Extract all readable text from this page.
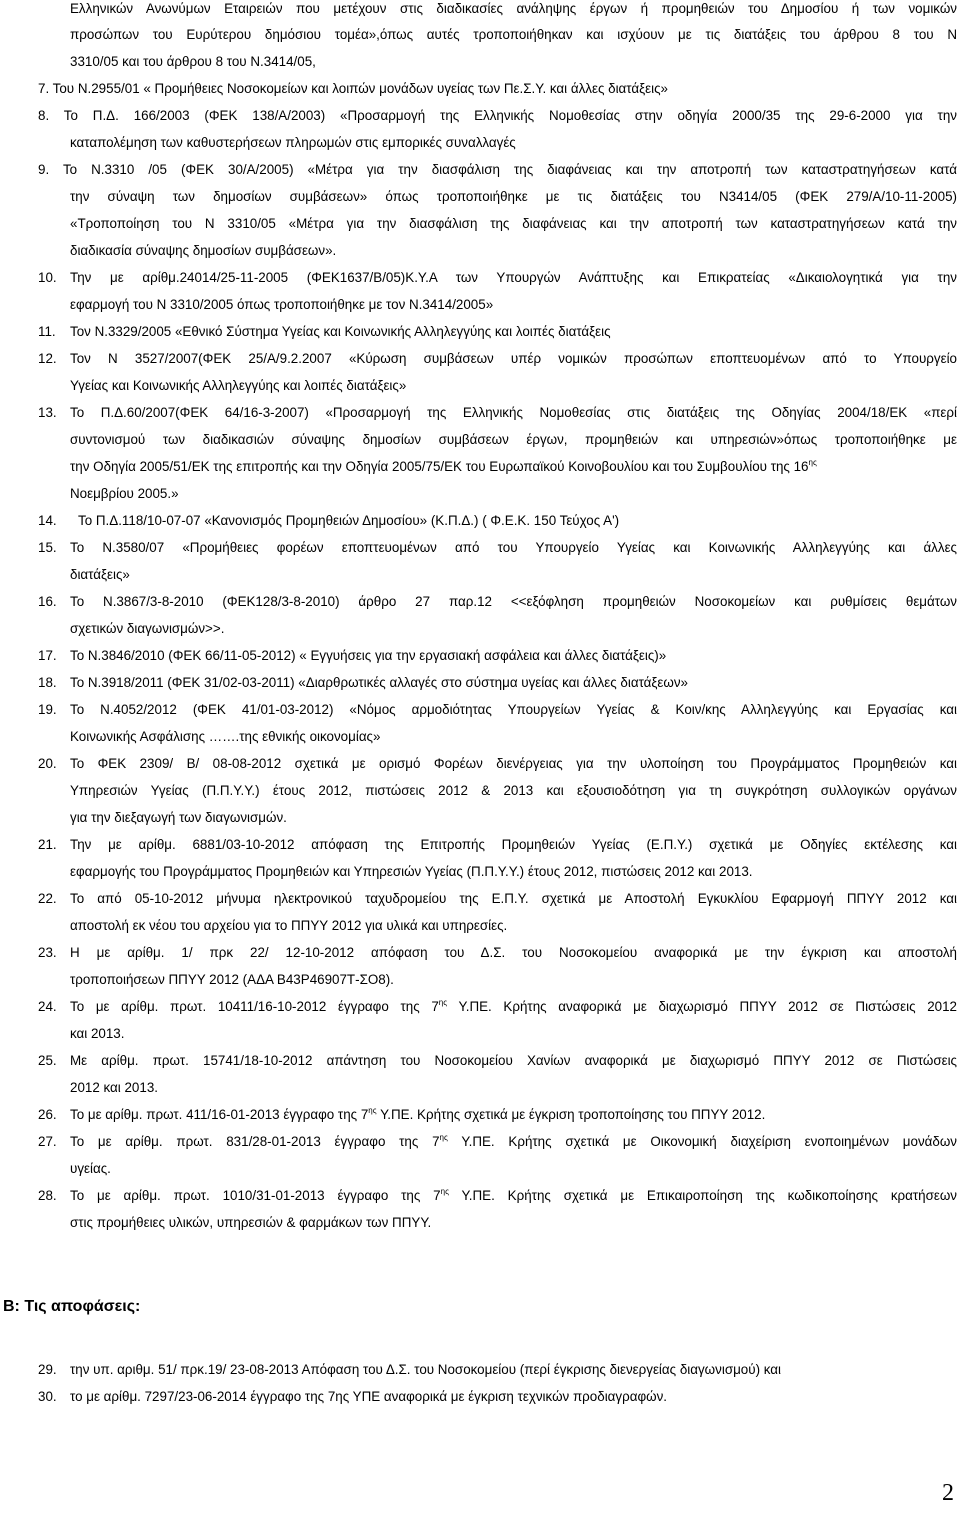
Ελληνικών Ανωνύμων Εταιρειών που μετέχουν στις διαδικασίες ανάληψης έργων ή προμηθειών του Δημοσίου ή των νομικών
προσώπων του Ευρύτερου δημόσιου τομέα»,όπως αυτές τροποποιήθηκαν και ισχύουν με τις διατάξεις του άρθρου 8 του Ν
3310/05 και του άρθρου 8 του Ν.3414/05,
7. Του Ν.2955/01 « Προμήθειες Νοσοκομείων και λοιπών μονάδων υγείας των Πε.Σ.Υ. και άλλες διατάξεις»
8. Το Π.Δ. 166/2003 (ΦΕΚ 138/Α/2003) «Προσαρμογή της Ελληνικής Νομοθεσίας στην οδηγία 2000/35 της 29-6-2000 για την
καταπολέμηση των καθυστερήσεων πληρωμών στις εμπορικές συναλλαγές
9. Το Ν.3310 /05 (ΦΕΚ 30/Α/2005) «Μέτρα για την διασφάλιση της διαφάνειας και την αποτροπή των καταστρατηγήσεων κατά
την σύναψη των δημοσίων συμβάσεων» όπως τροποποιήθηκε με τις διατάξεις του Ν3414/05 (ΦΕΚ 279/Α/10-11-2005)
«Τροποποίηση του Ν 3310/05 «Μέτρα για την διασφάλιση της διαφάνειας και την αποτροπή των καταστρατηγήσεων κατά την
διαδικασία σύναψης δημοσίων συμβάσεων».
10. Την με αρίθμ.24014/25-11-2005 (ΦΕΚ1637/Β/05)Κ.Υ.Α των Υπουργών Ανάπτυξης και Επικρατείας «Δικαιολογητικά για την
εφαρμογή του Ν 3310/2005 όπως τροποποιήθηκε με τον Ν.3414/2005»
11. Τον Ν.3329/2005 «Εθνικό Σύστημα Υγείας και Κοινωνικής Αλληλεγγύης και λοιπές διατάξεις
12. Τον Ν 3527/2007(ΦΕΚ 25/Α/9.2.2007 «Κύρωση συμβάσεων υπέρ νομικών προσώπων εποπτευομένων από το Υπουργείο
Υγείας και Κοινωνικής Αλληλεγγύης και λοιπές διατάξεις»
13. Το Π.Δ.60/2007(ΦΕΚ 64/16-3-2007) «Προσαρμογή της Ελληνικής Νομοθεσίας στις διατάξεις της Οδηγίας 2004/18/ΕΚ «περί
συντονισμού των διαδικασιών σύναψης δημοσίων συμβάσεων έργων, προμηθειών και υπηρεσιών»όπως τροποποιήθηκε με
την Οδηγία 2005/51/ΕΚ της επιτροπής και την Οδηγία 2005/75/ΕΚ του Ευρωπαϊκού Κοινοβουλίου και του Συμβουλίου της $16^{\eta\varsigma}$
Νοεμβρίου 2005.»
14. Το Π.Δ.118/10-07-07 «Κανονισμός Προμηθειών Δημοσίου» (Κ.Π.Δ.) ( Φ.Ε.Κ. 150 Τεύχος Α')
15. Το Ν.3580/07 «Προμήθειες φορέων εποπτευομένων από του Υπουργείο Υγείας και Κοινωνικής Αλληλεγγύης και άλλες
διατάξεις»
16. Το Ν.3867/3-8-2010 (ΦΕΚ128/3-8-2010) άρθρο 27 παρ.12 <<εξόφληση προμηθειών Νοσοκομείων και ρυθμίσεις θεμάτων
σχετικών διαγωνισμών>>.
17. Το Ν.3846/2010 (ΦΕΚ 66/11-05-2012) « Εγγυήσεις για την εργασιακή ασφάλεια και άλλες διατάξεις)»
18. Το Ν.3918/2011 (ΦΕΚ 31/02-03-2011) «Διαρθρωτικές αλλαγές στο σύστημα υγείας και άλλες διατάξεων»
19. Το Ν.4052/2012 (ΦΕΚ 41/01-03-2012) «Νόμος αρμοδιότητας Υπουργείων Υγείας & Κοιν/κης Αλληλεγγύης και Εργασίας και
Κοινωνικής Ασφάλισης …….της εθνικής οικονομίας»
20. Το ΦΕΚ 2309/ Β/ 08-08-2012 σχετικά με ορισμό Φορέων διενέργειας για την υλοποίηση του Προγράμματος Προμηθειών και
Υπηρεσιών Υγείας (Π.Π.Υ.Υ.) έτους 2012, πιστώσεις 2012 & 2013 και εξουσιοδότηση για τη συγκρότηση συλλογικών οργάνων
για την διεξαγωγή των διαγωνισμών.
21. Την με αρίθμ. 6881/03-10-2012 απόφαση της Επιτροπής Προμηθειών Υγείας (Ε.Π.Υ.) σχετικά με Οδηγίες εκτέλεσης και
εφαρμογής του Προγράμματος Προμηθειών και Υπηρεσιών Υγείας (Π.Π.Υ.Υ.) έτους 2012, πιστώσεις 2012 και 2013.
22. Το από 05-10-2012 μήνυμα ηλεκτρονικού ταχυδρομείου της Ε.Π.Υ. σχετικά με Αποστολή Εγκυκλίου Εφαρμογή ΠΠΥΥ 2012 και
αποστολή εκ νέου του αρχείου για το ΠΠΥΥ 2012 για υλικά και υπηρεσίες.
23. Η με αρίθμ. 1/ πρκ 22/ 12-10-2012 απόφαση του Δ.Σ. του Νοσοκομείου αναφορικά με την έγκριση και αποστολή
τροποποιήσεων ΠΠΥΥ 2012 (ΑΔΑ Β43Ρ46907Τ-ΣΟ8).
24. Το με αρίθμ. πρωτ. 10411/16-10-2012 έγγραφο της $7^{\eta\varsigma}$ Υ.ΠΕ. Κρήτης αναφορικά με διαχωρισμό ΠΠΥΥ 2012 σε Πιστώσεις 2012
και 2013.
25. Με αρίθμ. πρωτ. 15741/18-10-2012 απάντηση του Νοσοκομείου Χανίων αναφορικά με διαχωρισμό ΠΠΥΥ 2012 σε Πιστώσεις
2012 και 2013.
26. Το με αρίθμ. πρωτ. 411/16-01-2013 έγγραφο της $7^{\eta\varsigma}$ Υ.ΠΕ. Κρήτης σχετικά με έγκριση τροποποίησης του ΠΠΥΥ 2012.
27. Το με αρίθμ. πρωτ. 831/28-01-2013 έγγραφο της $7^{\eta\varsigma}$ Υ.ΠΕ. Κρήτης σχετικά με Οικονομική διαχείριση ενοποιημένων μονάδων
υγείας.
28. Το με αρίθμ. πρωτ. 1010/31-01-2013 έγγραφο της $7^{\eta\varsigma}$ Υ.ΠΕ. Κρήτης σχετικά με Επικαιροποίηση της κωδικοποίησης κρατήσεων
στις προμήθειες υλικών, υπηρεσιών & φαρμάκων των ΠΠΥΥ.
Β: Τις αποφάσεις:
29. την υπ. αριθμ. 51/ πρκ.19/ 23-08-2013 Απόφαση του Δ.Σ. του Νοσοκομείου (περί έγκρισης διενεργείας διαγωνισμού) και
30. το με αρίθμ. 7297/23-06-2014 έγγραφο της 7ης ΥΠΕ αναφορικά με έγκριση τεχνικών προδιαγραφών.
2
